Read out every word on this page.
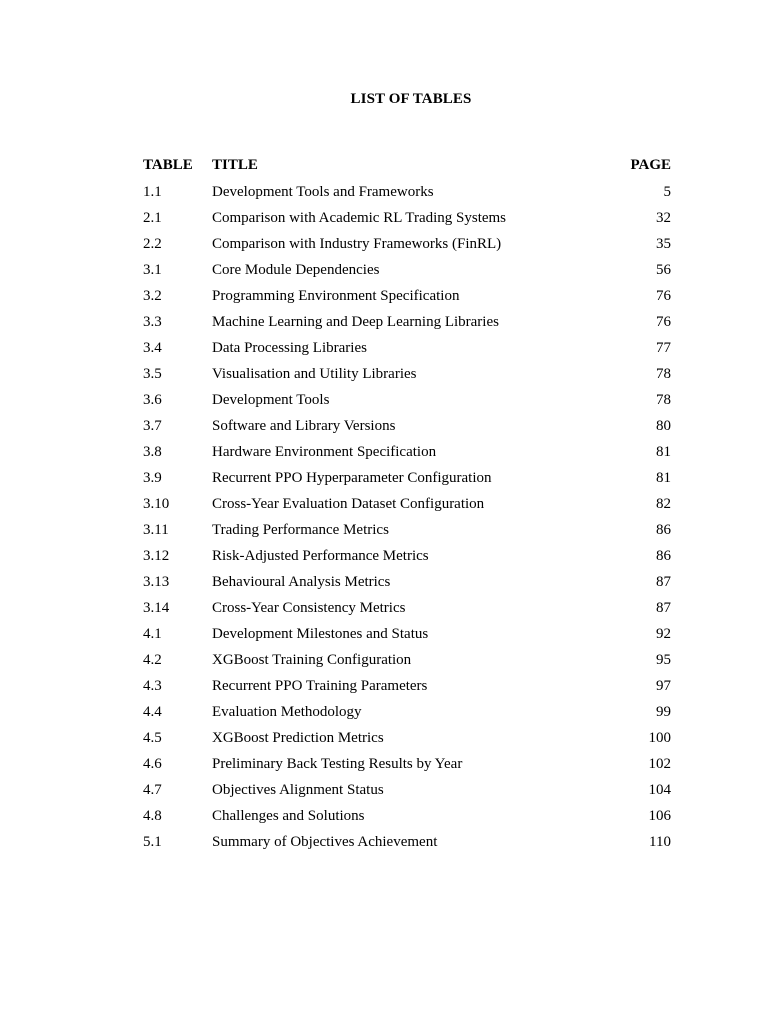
LIST OF TABLES
TABLE TITLE	PAGE
1.1	Development Tools and Frameworks	5
2.1	Comparison with Academic RL Trading Systems	32
2.2	Comparison with Industry Frameworks (FinRL)	35
3.1	Core Module Dependencies	56
3.2	Programming Environment Specification	76
3.3	Machine Learning and Deep Learning Libraries	76
3.4	Data Processing Libraries	77
3.5	Visualisation and Utility Libraries	78
3.6	Development Tools	78
3.7	Software and Library Versions	80
3.8	Hardware Environment Specification	81
3.9	Recurrent PPO Hyperparameter Configuration	81
3.10	Cross-Year Evaluation Dataset Configuration	82
3.11	Trading Performance Metrics	86
3.12	Risk-Adjusted Performance Metrics	86
3.13	Behavioural Analysis Metrics	87
3.14	Cross-Year Consistency Metrics	87
4.1	Development Milestones and Status	92
4.2	XGBoost Training Configuration	95
4.3	Recurrent PPO Training Parameters	97
4.4	Evaluation Methodology	99
4.5	XGBoost Prediction Metrics	100
4.6	Preliminary Back Testing Results by Year	102
4.7	Objectives Alignment Status	104
4.8	Challenges and Solutions	106
5.1	Summary of Objectives Achievement	110
